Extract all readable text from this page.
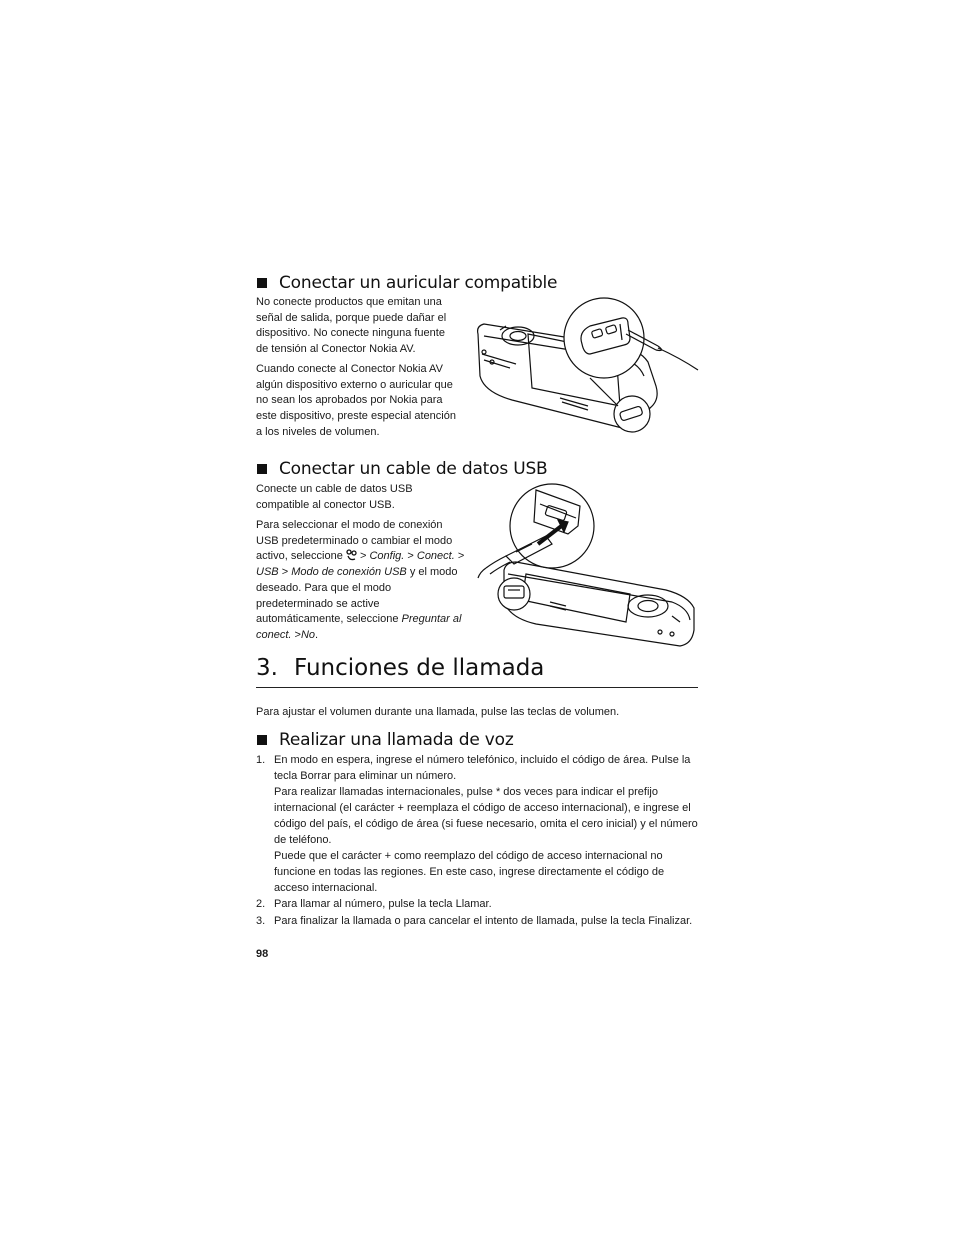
Conectar un auricular compatible
No conecte productos que emitan una señal de salida, porque puede dañar el dispositivo. No conecte ninguna fuente de tensión al Conector Nokia AV.
Cuando conecte al Conector Nokia AV algún dispositivo externo o auricular que no sean los aprobados por Nokia para este dispositivo, preste especial atención a los niveles de volumen.
Conectar un cable de datos USB
Conecte un cable de datos USB compatible al conector USB.
Para seleccionar el modo de conexión USB predeterminado o cambiar el modo activo, seleccione > Config. > Conect. > USB > Modo de conexión USB y el modo deseado. Para que el modo predeterminado se active automáticamente, seleccione Preguntar al conect. >No.
3. Funciones de llamada
Para ajustar el volumen durante una llamada, pulse las teclas de volumen.
Realizar una llamada de voz
1. En modo en espera, ingrese el número telefónico, incluido el código de área. Pulse la tecla Borrar para eliminar un número.
Para realizar llamadas internacionales, pulse * dos veces para indicar el prefijo internacional (el carácter + reemplaza el código de acceso internacional), e ingrese el código del país, el código de área (si fuese necesario, omita el cero inicial) y el número de teléfono.
Puede que el carácter + como reemplazo del código de acceso internacional no funcione en todas las regiones. En este caso, ingrese directamente el código de acceso internacional.
2. Para llamar al número, pulse la tecla Llamar.
3. Para finalizar la llamada o para cancelar el intento de llamada, pulse la tecla Finalizar.
98
